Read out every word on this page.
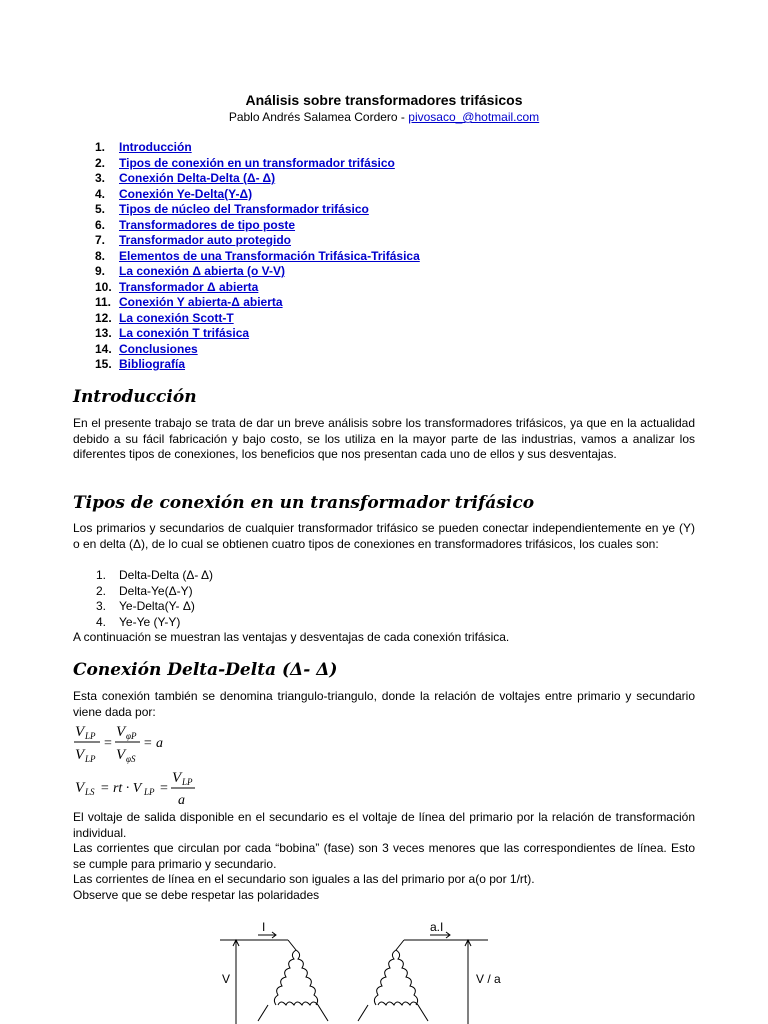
Análisis sobre transformadores trifásicos
Pablo Andrés Salamea Cordero - pivosaco_@hotmail.com
1. Introducción
2. Tipos de conexión en un transformador trifásico
3. Conexión Delta-Delta (Δ- Δ)
4. Conexión Ye-Delta(Y-Δ)
5. Tipos de núcleo del Transformador trifásico
6. Transformadores de tipo poste
7. Transformador auto protegido
8. Elementos de una Transformación Trifásica-Trifásica
9. La conexión Δ abierta (o V-V)
10. Transformador Δ abierta
11. Conexión Y abierta-Δ abierta
12. La conexión Scott-T
13. La conexión T trifásica
14. Conclusiones
15. Bibliografía
Introducción

En el presente trabajo se trata de dar un breve análisis sobre los transformadores trifásicos, ya que en la actualidad debido a su fácil fabricación y bajo costo, se los utiliza en la mayor parte de las industrias, vamos a analizar los diferentes tipos de conexiones, los beneficios que nos presentan cada uno de ellos y sus desventajas.

Tipos de conexión en un transformador trifásico

Los primarios y secundarios de cualquier transformador trifásico se pueden conectar independientemente en ye (Y) o en delta (Δ), de lo cual se obtienen cuatro tipos de conexiones en transformadores trifásicos, los cuales son:

1. Delta-Delta (Δ- Δ)
2. Delta-Ye(Δ-Y)
3. Ye-Delta(Y- Δ)
4. Ye-Ye (Y-Y)

A continuación se muestran las ventajas y desventajas de cada conexión trifásica.

Conexión Delta-Delta (Δ- Δ)

Esta conexión también se denomina triangulo-triangulo, donde la relación de voltajes entre primario y secundario viene dada por:

V LP
V LP
=
V φP
V φS
= a
V LS = rt · V LP =
V LP
a

El voltaje de salida disponible en el secundario es el voltaje de línea del primario por la relación de transformación individual.

Las corrientes que circulan por cada “bobina” (fase) son 3 veces menores que las correspondientes de línea. Esto se cumple para primario y secundario.

Las corrientes de línea en el secundario son iguales a las del primario por a(o por 1/rt).

Observe que se debe respetar las polaridades

I	a.I
V	V / a
